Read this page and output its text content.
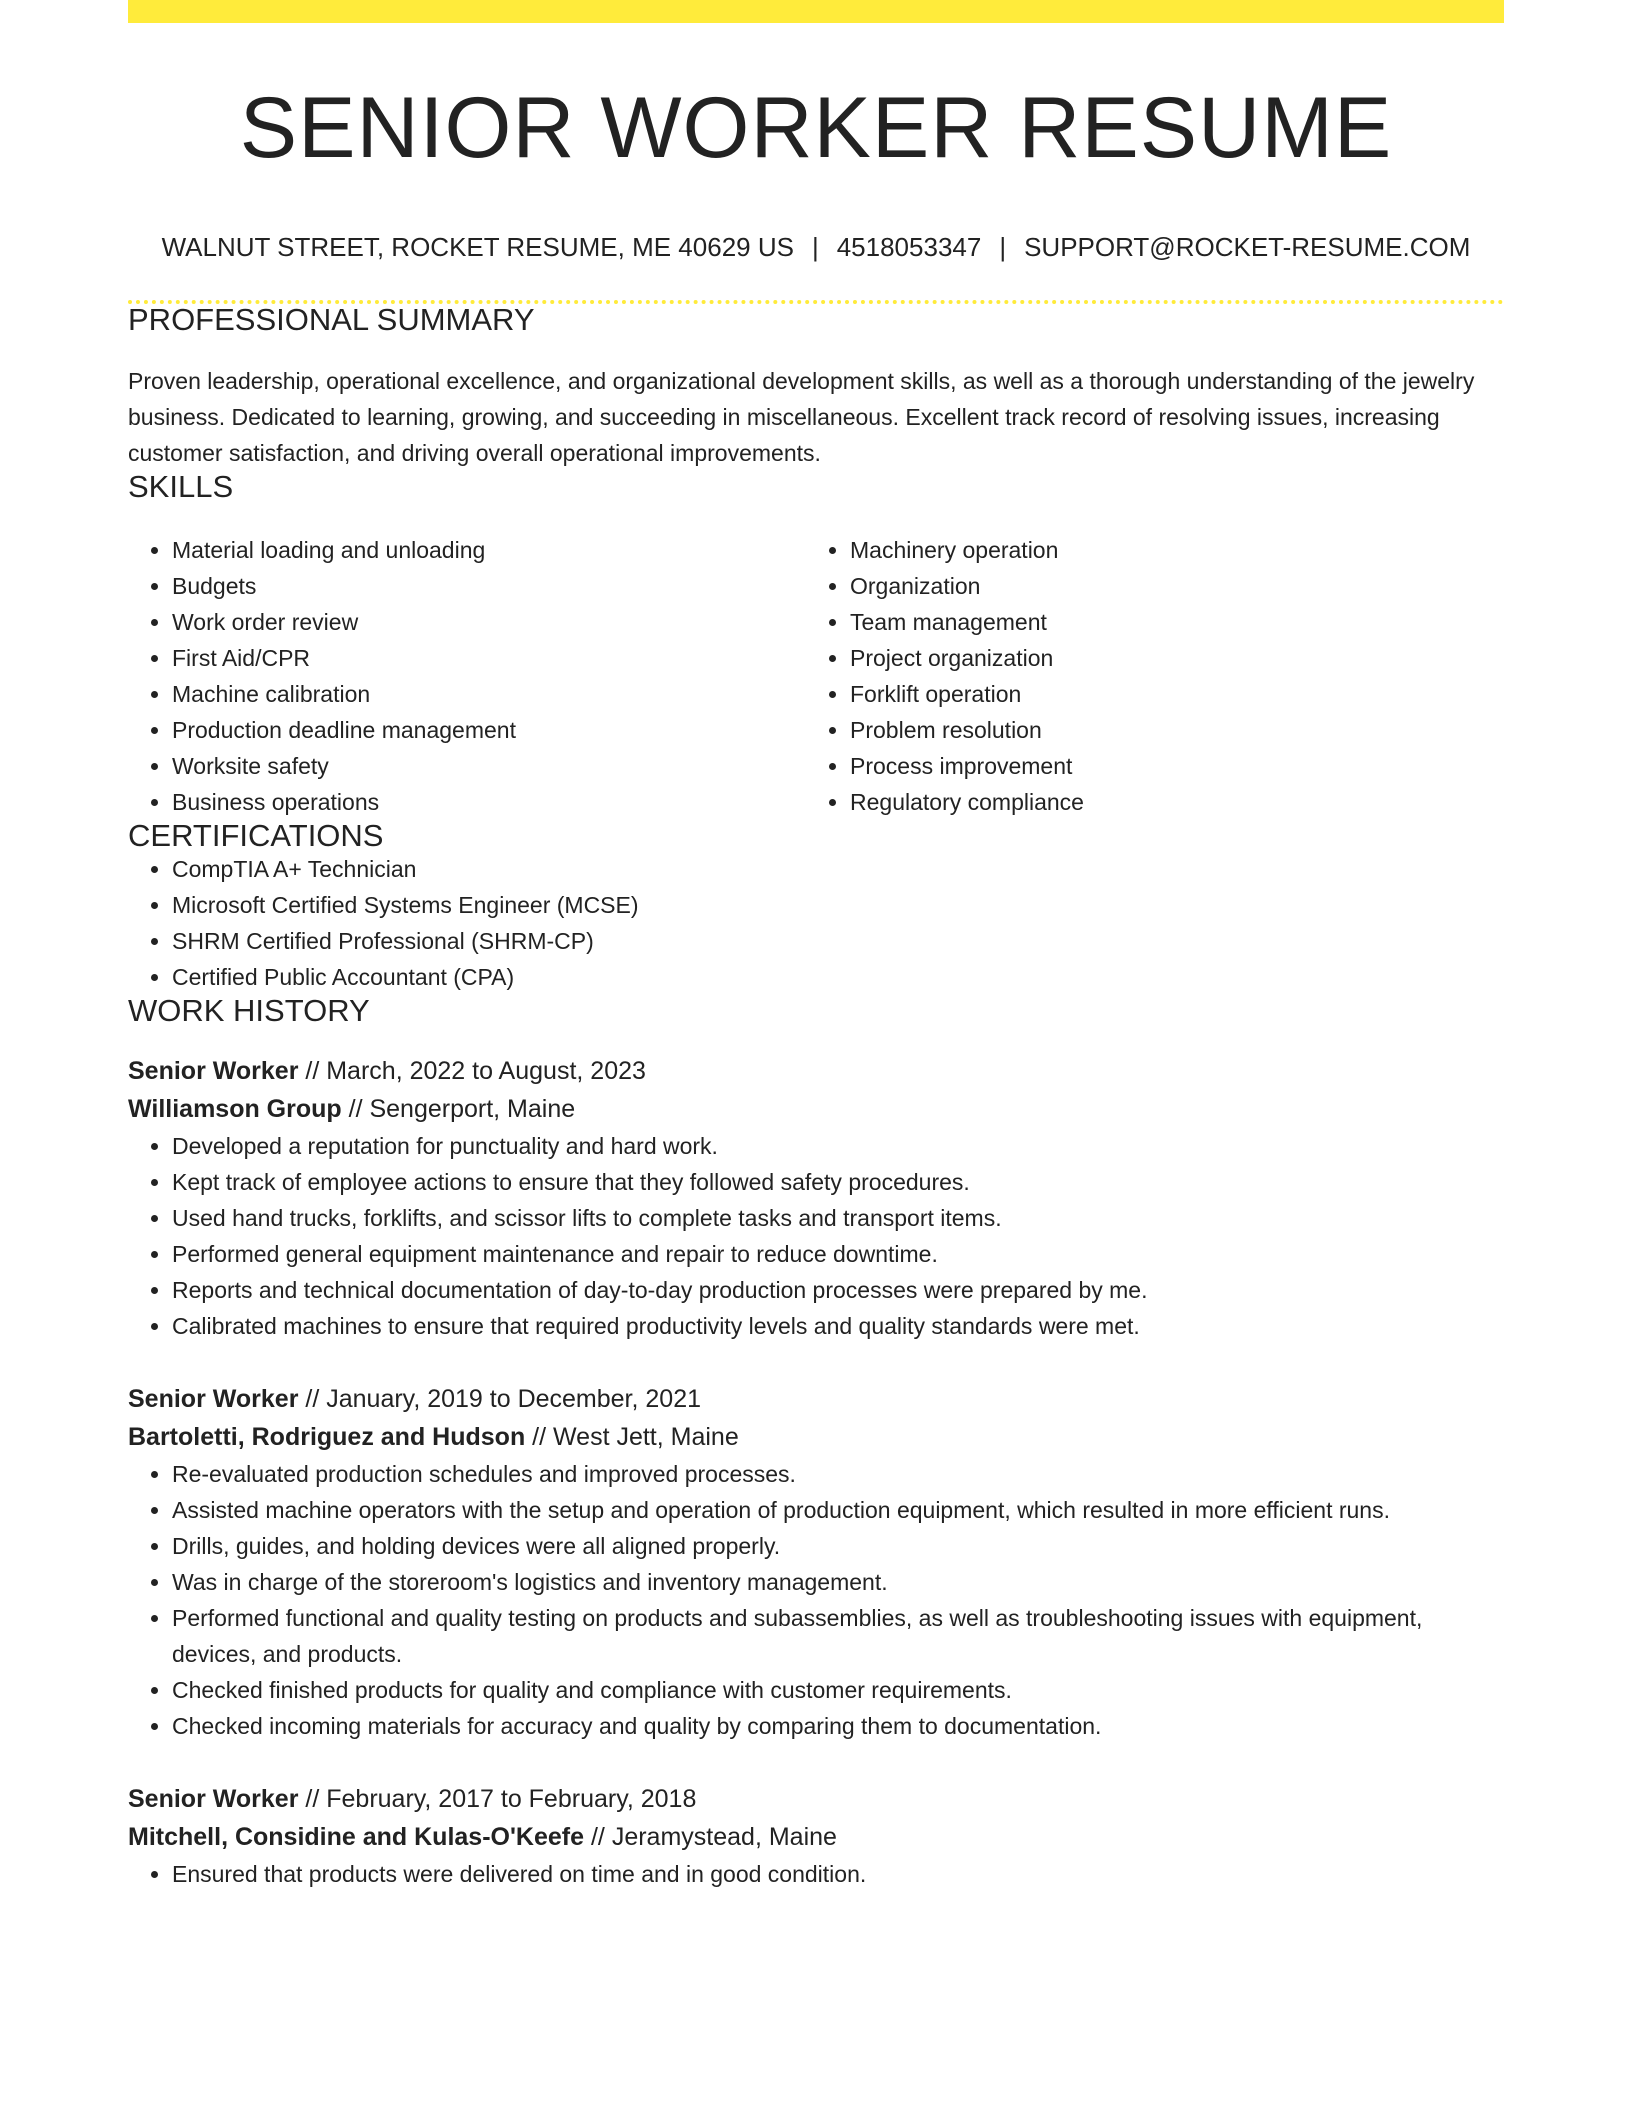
SENIOR WORKER RESUME
WALNUT STREET, ROCKET RESUME, ME 40629 US | 4518053347 | SUPPORT@ROCKET-RESUME.COM
PROFESSIONAL SUMMARY

Proven leadership, operational excellence, and organizational development skills, as well as a thorough understanding of the jewelry business. Dedicated to learning, growing, and succeeding in miscellaneous. Excellent track record of resolving issues, increasing customer satisfaction, and driving overall operational improvements.

SKILLS
• Material loading and unloading
• Budgets
• Work order review
• First Aid/CPR
• Machine calibration
• Production deadline management
• Worksite safety
• Business operations
• Machinery operation
• Organization
• Team management
• Project organization
• Forklift operation
• Problem resolution
• Process improvement
• Regulatory compliance
CERTIFICATIONS
• CompTIA A+ Technician
• Microsoft Certified Systems Engineer (MCSE)
• SHRM Certified Professional (SHRM-CP)
• Certified Public Accountant (CPA)
WORK HISTORY
Senior Worker // March, 2022 to August, 2023
Williamson Group // Sengerport, Maine
• Developed a reputation for punctuality and hard work.
• Kept track of employee actions to ensure that they followed safety procedures.
• Used hand trucks, forklifts, and scissor lifts to complete tasks and transport items.
• Performed general equipment maintenance and repair to reduce downtime.
• Reports and technical documentation of day-to-day production processes were prepared by me.
• Calibrated machines to ensure that required productivity levels and quality standards were met.
Senior Worker // January, 2019 to December, 2021
Bartoletti, Rodriguez and Hudson // West Jett, Maine
• Re-evaluated production schedules and improved processes.
• Assisted machine operators with the setup and operation of production equipment, which resulted in more efficient runs.
• Drills, guides, and holding devices were all aligned properly.
• Was in charge of the storeroom's logistics and inventory management.
• Performed functional and quality testing on products and subassemblies, as well as troubleshooting issues with equipment, devices, and products.
• Checked finished products for quality and compliance with customer requirements.
• Checked incoming materials for accuracy and quality by comparing them to documentation.
Senior Worker // February, 2017 to February, 2018
Mitchell, Considine and Kulas-O'Keefe // Jeramystead, Maine
• Ensured that products were delivered on time and in good condition.
